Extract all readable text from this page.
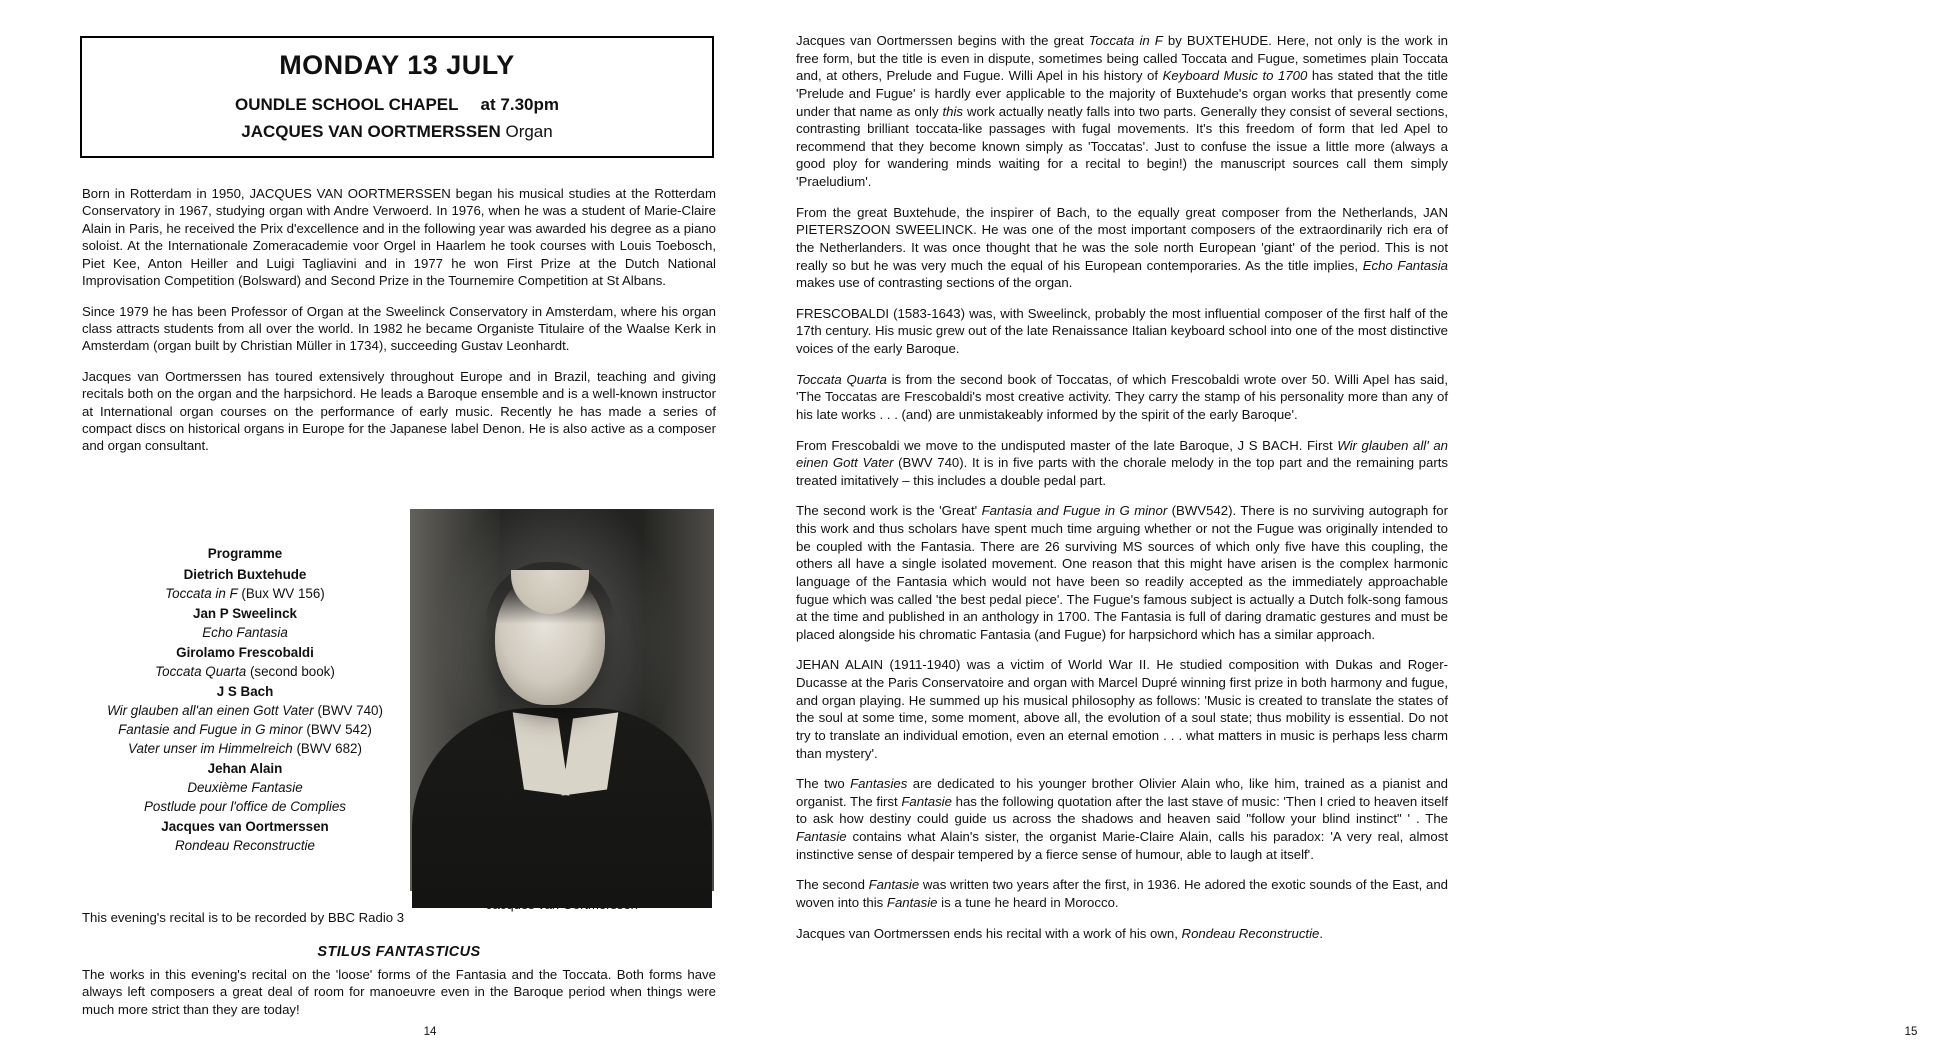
MONDAY 13 JULY
OUNDLE SCHOOL CHAPEL at 7.30pm
JACQUES VAN OORTMERSSEN Organ

Born in Rotterdam in 1950, JACQUES VAN OORTMERSSEN began his musical studies at the Rotterdam Conservatory in 1967, studying organ with Andre Verwoerd. In 1976, when he was a student of Marie-Claire Alain in Paris, he received the Prix d'excellence and in the following year was awarded his degree as a piano soloist. At the Internationale Zomeracademie voor Orgel in Haarlem he took courses with Louis Toebosch, Piet Kee, Anton Heiller and Luigi Tagliavini and in 1977 he won First Prize at the Dutch National Improvisation Competition (Bolsward) and Second Prize in the Tournemire Competition at St Albans.

Since 1979 he has been Professor of Organ at the Sweelinck Conservatory in Amsterdam, where his organ class attracts students from all over the world. In 1982 he became Organiste Titulaire of the Waalse Kerk in Amsterdam (organ built by Christian Müller in 1734), succeeding Gustav Leonhardt.

Jacques van Oortmerssen has toured extensively throughout Europe and in Brazil, teaching and giving recitals both on the organ and the harpsichord. He leads a Baroque ensemble and is a well-known instructor at International organ courses on the performance of early music. Recently he has made a series of compact discs on historical organs in Europe for the Japanese label Denon. He is also active as a composer and organ consultant.

Programme
Dietrich Buxtehude
Toccata in F (Bux WV 156)
Jan P Sweelinck
Echo Fantasia
Girolamo Frescobaldi
Toccata Quarta (second book)
J S Bach
Wir glauben all'an einen Gott Vater (BWV 740)
Fantasie and Fugue in G minor (BWV 542)
Vater unser im Himmelreich (BWV 682)
Jehan Alain
Deuxième Fantasie
Postlude pour l'office de Complies
Jacques van Oortmerssen
Rondeau Reconstructie
This evening's recital is to be recorded by BBC Radio 3
STILUS FANTASTICUS
The works in this evening's recital on the 'loose' forms of the Fantasia and the Toccata. Both forms have always left composers a great deal of room for manoeuvre even in the Baroque period when things were much more strict than they are today!
14

Jacques van Oortmerssen begins with the great Toccata in F by BUXTEHUDE. Here, not only is the work in free form, but the title is even in dispute, sometimes being called Toccata and Fugue, sometimes plain Toccata and, at others, Prelude and Fugue. Willi Apel in his history of Keyboard Music to 1700 has stated that the title 'Prelude and Fugue' is hardly ever applicable to the majority of Buxtehude's organ works that presently come under that name as only this work actually neatly falls into two parts. Generally they consist of several sections, contrasting brilliant toccata-like passages with fugal movements. It's this freedom of form that led Apel to recommend that they become known simply as 'Toccatas'. Just to confuse the issue a little more (always a good ploy for wandering minds waiting for a recital to begin!) the manuscript sources call them simply 'Praeludium'.

From the great Buxtehude, the inspirer of Bach, to the equally great composer from the Netherlands, JAN PIETERSZOON SWEELINCK. He was one of the most important composers of the extraordinarily rich era of the Netherlanders. It was once thought that he was the sole north European 'giant' of the period. This is not really so but he was very much the equal of his European contemporaries. As the title implies, Echo Fantasia makes use of contrasting sections of the organ.

FRESCOBALDI (1583-1643) was, with Sweelinck, probably the most influential composer of the first half of the 17th century. His music grew out of the late Renaissance Italian keyboard school into one of the most distinctive voices of the early Baroque.

Toccata Quarta is from the second book of Toccatas, of which Frescobaldi wrote over 50. Willi Apel has said, 'The Toccatas are Frescobaldi's most creative activity. They carry the stamp of his personality more than any of his late works . . . (and) are unmistakeably informed by the spirit of the early Baroque'.

From Frescobaldi we move to the undisputed master of the late Baroque, J S BACH. First Wir glauben all' an einen Gott Vater (BWV 740). It is in five parts with the chorale melody in the top part and the remaining parts treated imitatively – this includes a double pedal part.

The second work is the 'Great' Fantasia and Fugue in G minor (BWV542). There is no surviving autograph for this work and thus scholars have spent much time arguing whether or not the Fugue was originally intended to be coupled with the Fantasia. There are 26 surviving MS sources of which only five have this coupling, the others all have a single isolated movement. One reason that this might have arisen is the complex harmonic language of the Fantasia which would not have been so readily accepted as the immediately approachable fugue which was called 'the best pedal piece'. The Fugue's famous subject is actually a Dutch folk-song famous at the time and published in an anthology in 1700. The Fantasia is full of daring dramatic gestures and must be placed alongside his chromatic Fantasia (and Fugue) for harpsichord which has a similar approach.

JEHAN ALAIN (1911-1940) was a victim of World War II. He studied composition with Dukas and Roger-Ducasse at the Paris Conservatoire and organ with Marcel Dupré winning first prize in both harmony and fugue, and organ playing. He summed up his musical philosophy as follows: 'Music is created to translate the states of the soul at some time, some moment, above all, the evolution of a soul state; thus mobility is essential. Do not try to translate an individual emotion, even an eternal emotion . . . what matters in music is perhaps less charm than mystery'.

The two Fantasies are dedicated to his younger brother Olivier Alain who, like him, trained as a pianist and organist. The first Fantasie has the following quotation after the last stave of music: 'Then I cried to heaven itself to ask how destiny could guide us across the shadows and heaven said "follow your blind instinct" ' . The Fantasie contains what Alain's sister, the organist Marie-Claire Alain, calls his paradox: 'A very real, almost instinctive sense of despair tempered by a fierce sense of humour, able to laugh at itself'.

The second Fantasie was written two years after the first, in 1936. He adored the exotic sounds of the East, and woven into this Fantasie is a tune he heard in Morocco.

Jacques van Oortmerssen ends his recital with a work of his own, Rondeau Reconstructie.

15
